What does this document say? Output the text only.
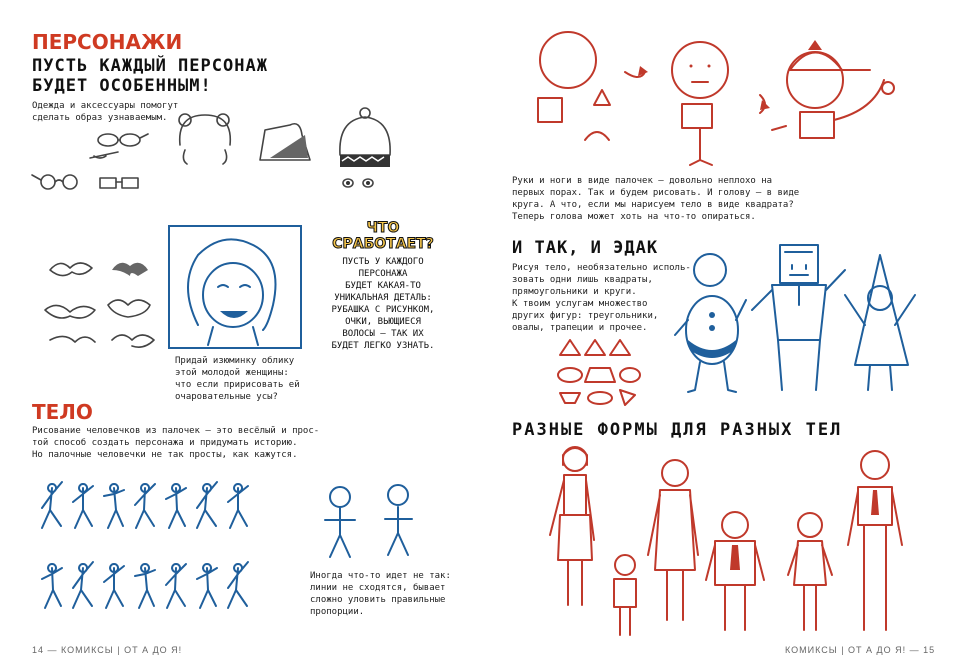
ПЕРСОНАЖИ
ПУСТЬ КАЖДЫЙ ПЕРСОНАЖ
БУДЕТ ОСОБЕННЫМ!
Одежда и аксессуары помогут
сделать образ узнаваемым.
ЧТО
СРАБОТАЕТ?
ПУСТЬ У КАЖДОГО
ПЕРСОНАЖА
БУДЕТ КАКАЯ-ТО
УНИКАЛЬНАЯ ДЕТАЛЬ:
РУБАШКА С РИСУНКОМ,
ОЧКИ, ВЬЮЩИЕСЯ
ВОЛОСЫ — ТАК ИХ
БУДЕТ ЛЕГКО УЗНАТЬ.
Придай изюминку облику
этой молодой женщины:
что если пририсовать ей
очаровательные усы?
ТЕЛО
Рисование человечков из палочек — это весёлый и прос-
той способ создать персонажа и придумать историю.
Но палочные человечки не так просты, как кажутся.
Иногда что-то идет не так:
линии не сходятся, бывает
сложно уловить правильные
пропорции.
14 — КОМИКСЫ | ОТ А ДО Я!
Руки и ноги в виде палочек — довольно неплохо на
первых порах. Так и будем рисовать. И голову — в виде
круга. А что, если мы нарисуем тело в виде квадрата?
Теперь голова может хоть на что-то опираться.
И ТАК, И ЭДАК
Рисуя тело, необязательно исполь-
зовать одни лишь квадраты,
прямоугольники и круги.
К твоим услугам множество
других фигур: треугольники,
овалы, трапеции и прочее.
РАЗНЫЕ ФОРМЫ ДЛЯ РАЗНЫХ ТЕЛ
КОМИКСЫ | ОТ А ДО Я! — 15
